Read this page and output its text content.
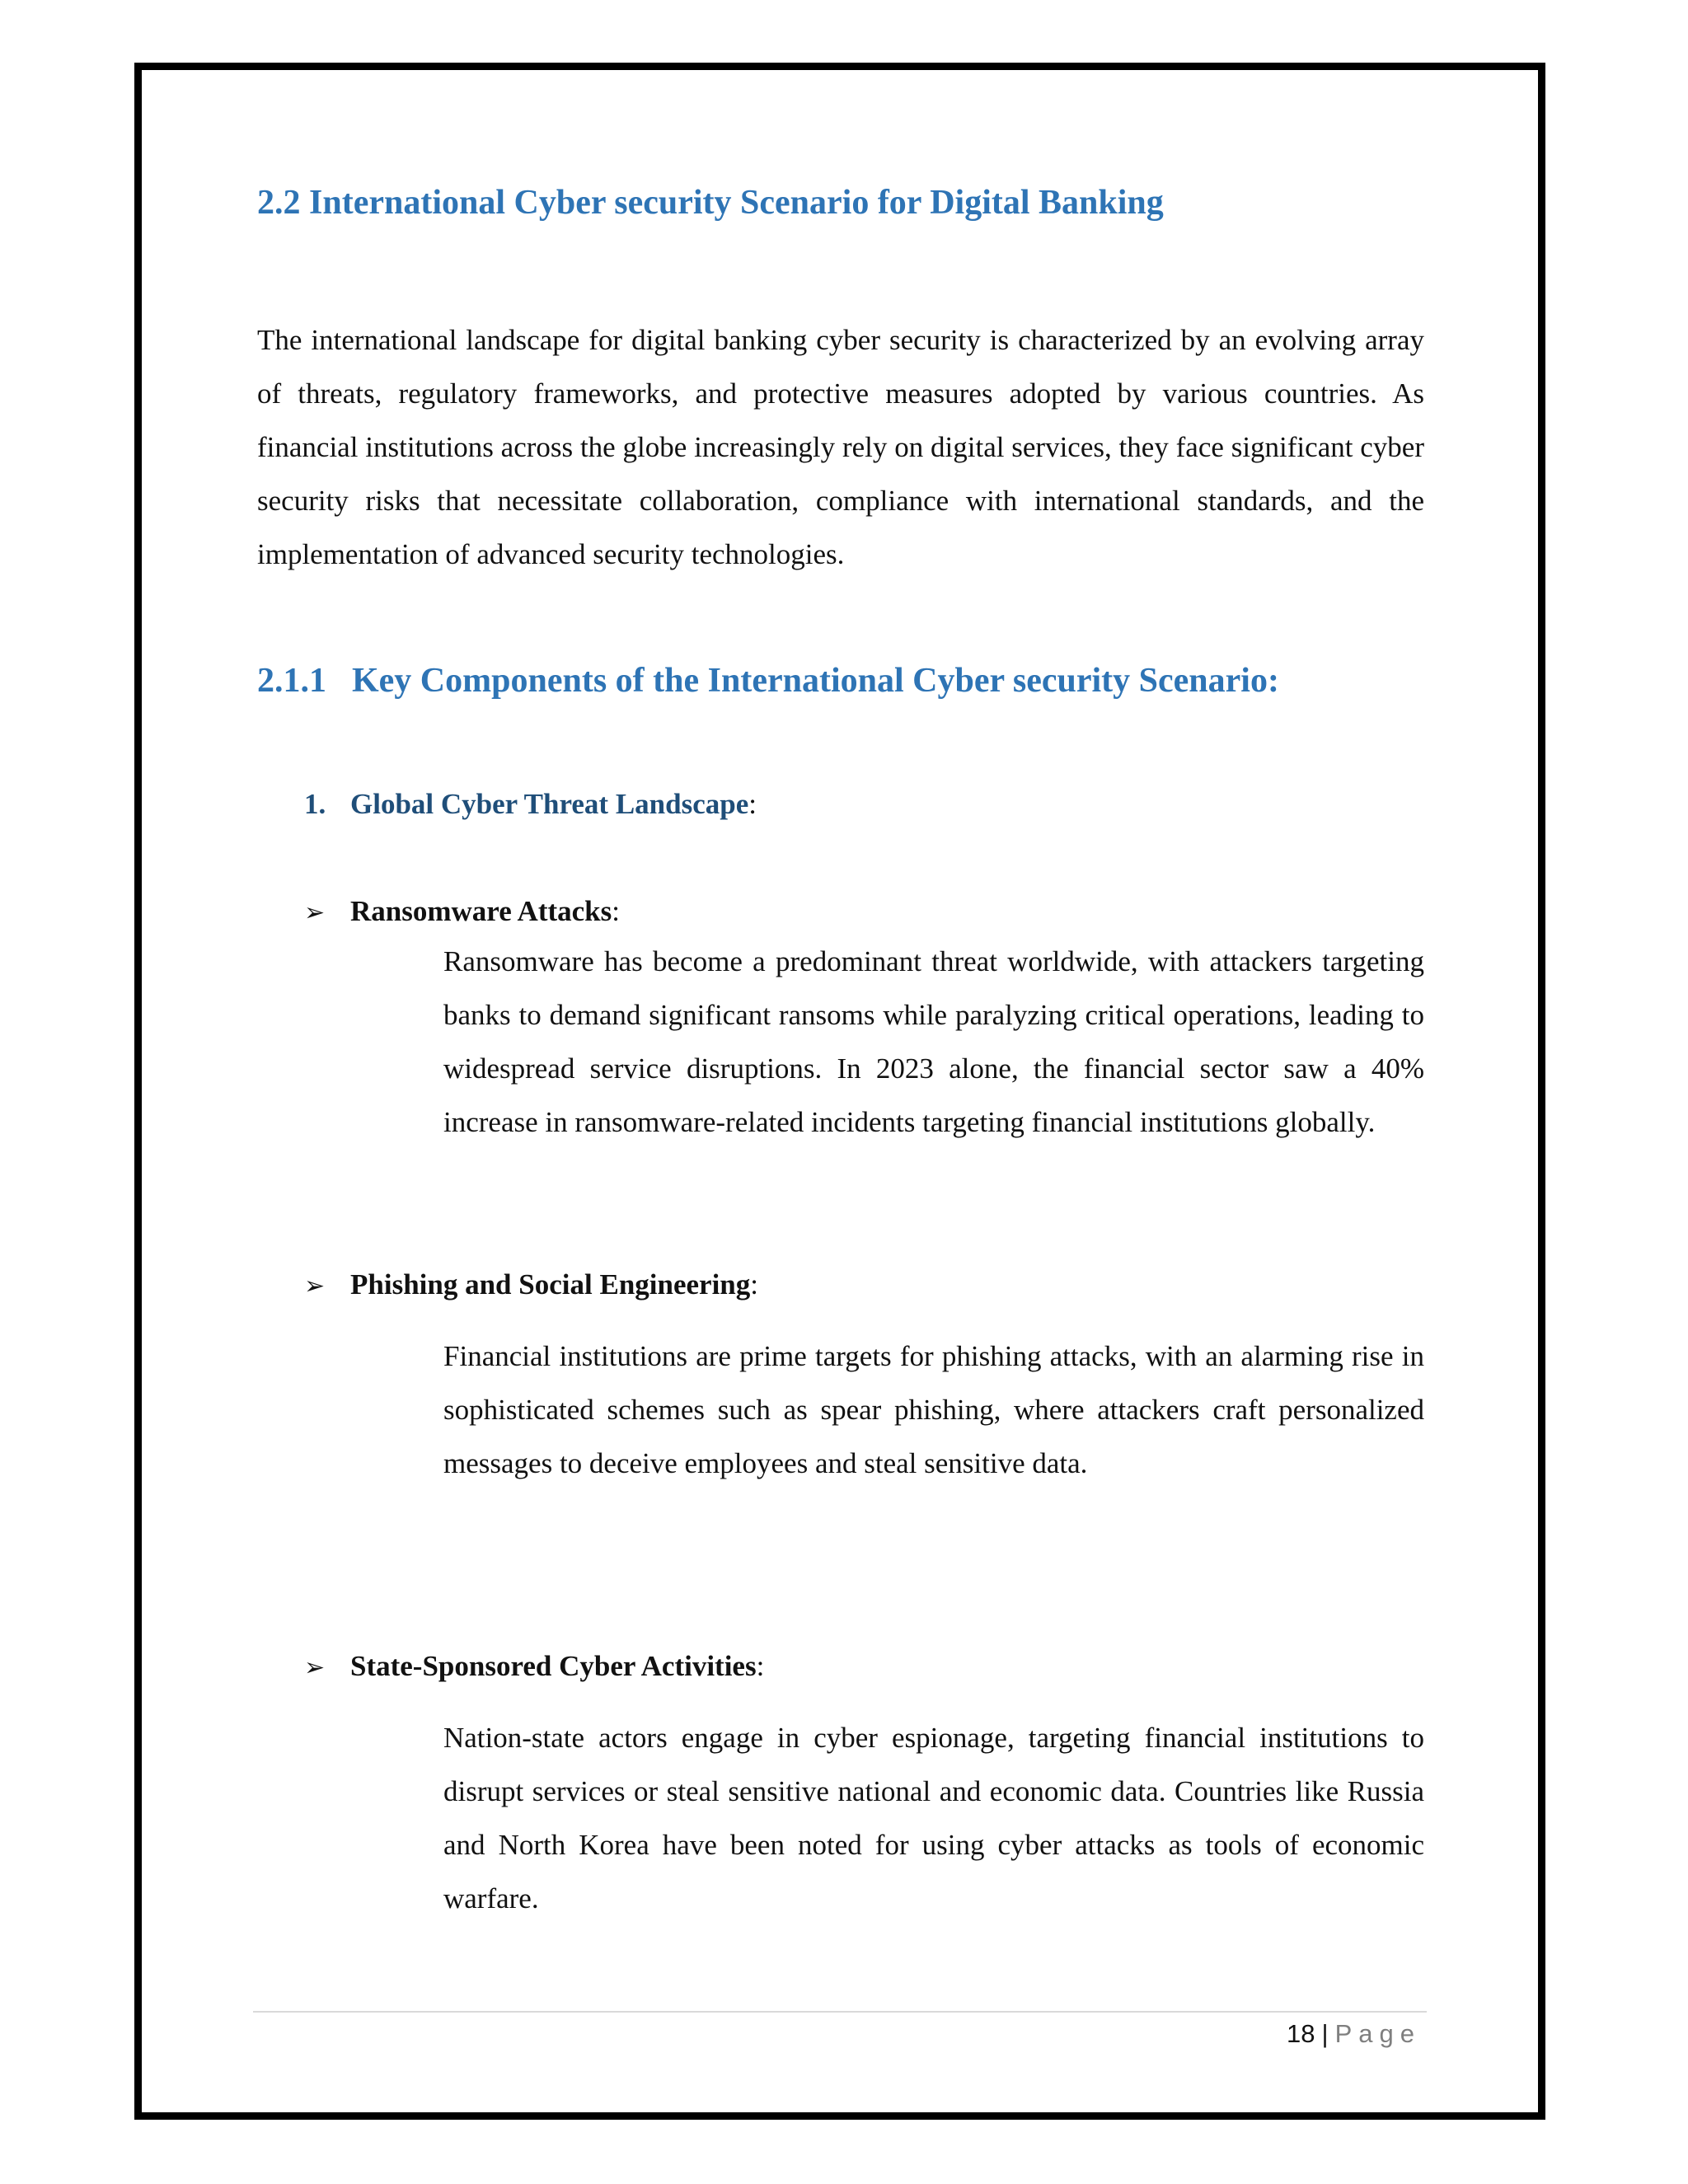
2.2 International Cyber security Scenario for Digital Banking

The international landscape for digital banking cyber security is characterized by an evolving array of threats, regulatory frameworks, and protective measures adopted by various countries. As financial institutions across the globe increasingly rely on digital services, they face significant cyber security risks that necessitate collaboration, compliance with international standards, and the implementation of advanced security technologies.

2.1.1 Key Components of the International Cyber security Scenario:
1. Global Cyber Threat Landscape:
➢ Ransomware Attacks:

Ransomware has become a predominant threat worldwide, with attackers targeting banks to demand significant ransoms while paralyzing critical operations, leading to widespread service disruptions. In 2023 alone, the financial sector saw a 40% increase in ransomware-related incidents targeting financial institutions globally.

➢ Phishing and Social Engineering:

Financial institutions are prime targets for phishing attacks, with an alarming rise in sophisticated schemes such as spear phishing, where attackers craft personalized messages to deceive employees and steal sensitive data.

➢ State-Sponsored Cyber Activities:

Nation-state actors engage in cyber espionage, targeting financial institutions to disrupt services or steal sensitive national and economic data. Countries like Russia and North Korea have been noted for using cyber attacks as tools of economic warfare.

18 | Page
